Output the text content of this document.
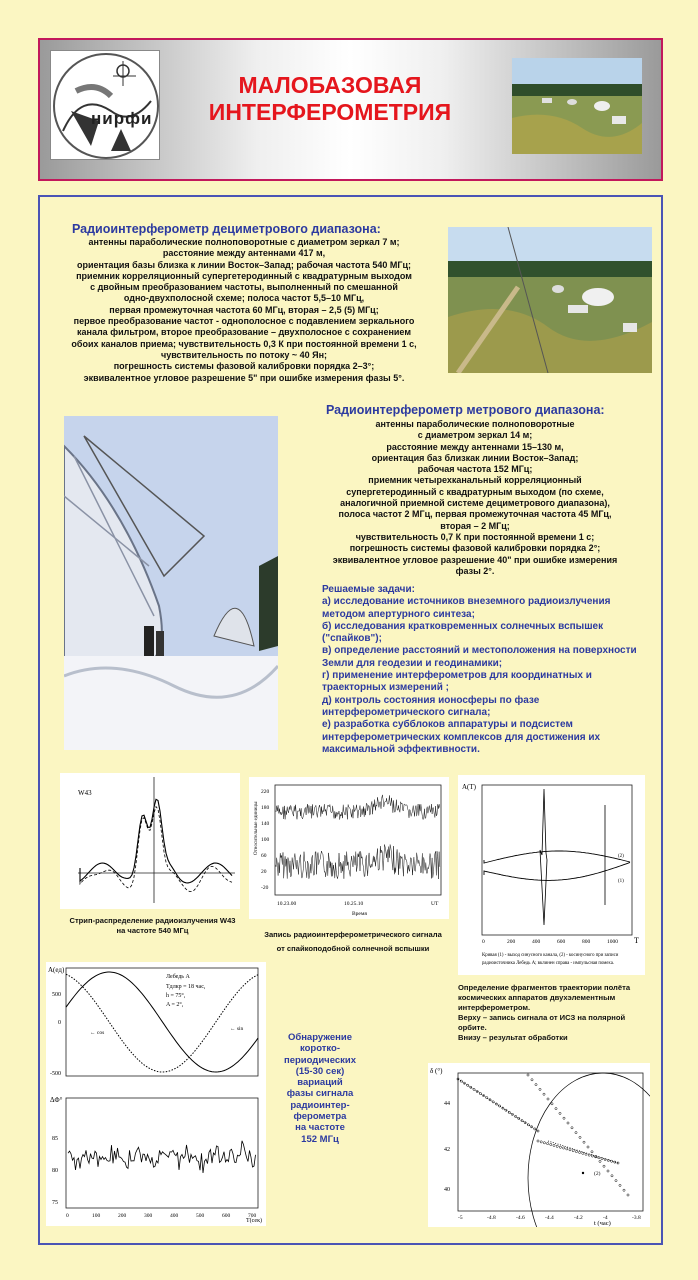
нирфи
МАЛОБАЗОВАЯ
ИНТЕРФЕРОМЕТРИЯ
Радиоинтерферометр дециметрового диапазона:
антенны параболические полноповоротные с диаметром зеркал 7 м;
расстояние между антеннами 417 м,
ориентация базы близка к линии Восток–Запад; рабочая частота 540 МГц;
приемник корреляционный супергетеродинный с квадратурным выходом
с двойным преобразованием частоты, выполненный по смешанной
одно-двухполосной схеме; полоса частот 5,5–10 МГц,
первая промежуточная частота 60 МГц, вторая – 2,5 (5) МГц;
первое преобразование частот - однополосное с подавлением зеркального
канала фильтром, второе преобразование – двухполосное с сохранением
обоих каналов приема; чувствительность 0,3 К при постоянной времени 1 с,
чувствительность по потоку ~ 40 Ян;
погрешность системы фазовой калибровки порядка 2–3°;
эквивалентное угловое разрешение 5" при ошибке измерения фазы 5°.
Радиоинтерферометр метрового диапазона:
антенны параболические полноповоротные
с диаметром зеркал 14 м;
расстояние между антеннами 15–130 м,
ориентация баз близкак линии Восток–Запад;
рабочая частота 152 МГц;
приемник четырехканальный корреляционный
супергетеродинный с квадратурным выходом (по схеме,
аналогичной приемной системе дециметрового диапазона),
полоса частот 2 МГц, первая промежуточная частота 45 МГц,
вторая – 2 МГц;
чувствительность 0,7 К при постоянной времени 1 с;
погрешность системы фазовой калибровки порядка 2°;
эквивалентное угловое разрешение 40" при ошибке измерения
фазы 2°.
Решаемые задачи:
а) исследование источников внеземного радиоизлучения методом апертурного синтеза;
б) исследования кратковременных солнечных вспышек ("спайков");
в) определение расстояний и местоположения на поверхности Земли для геодезии и геодинамики;
г) применение интерферометров для координатных и траекторных измерений ;
д) контроль состояния ионосферы по фазе интерферометрического сигнала;
е) разработка субблоков аппаратуры и подсистем интерферометрических комплексов для достижения их максимальной эффективности.
W43
Стрип-распределение радиоизлучения W43
на частоте 540 МГц
220
180
140
100
60
20
-20
Относительные единицы
10.23.00	10.25.10	UT
Время
Запись радиоинтерферометрического сигнала
от спайкоподобной солнечной вспышки
A(T)
(2)
(1)
0	200	400	600	800	1000 T
Кривая (1) - выход синусного канала, (2) - косинусного при записи
радиоисточника Лебедь А; вклинен справа - импульсная помеха.
Определение фрагментов траектории полёта
космических аппаратов двухэлементным
интерферометром.
Верху – запись сигнала от ИСЗ на полярной
орбите.
Внизу – результат обработки
A(ед)
500
0
-500
Лебедь А
Tдлкр = 18 час,
h = 75°,
A = 2°,
← cos
← sin
ΔΦ°
85
80
75
0	100	200	300	400	500	600	700
T(сек)
Обнаружение
коротко-
периодических
(15-30 сек)
вариаций
фазы сигнала
радиоинтер-
ферометра
на частоте
152 МГц
δ (°)
44
42
40
(2)
-5	-4.8	-4.6	-4.4	-4.2	-4	-3.8
t (час)
